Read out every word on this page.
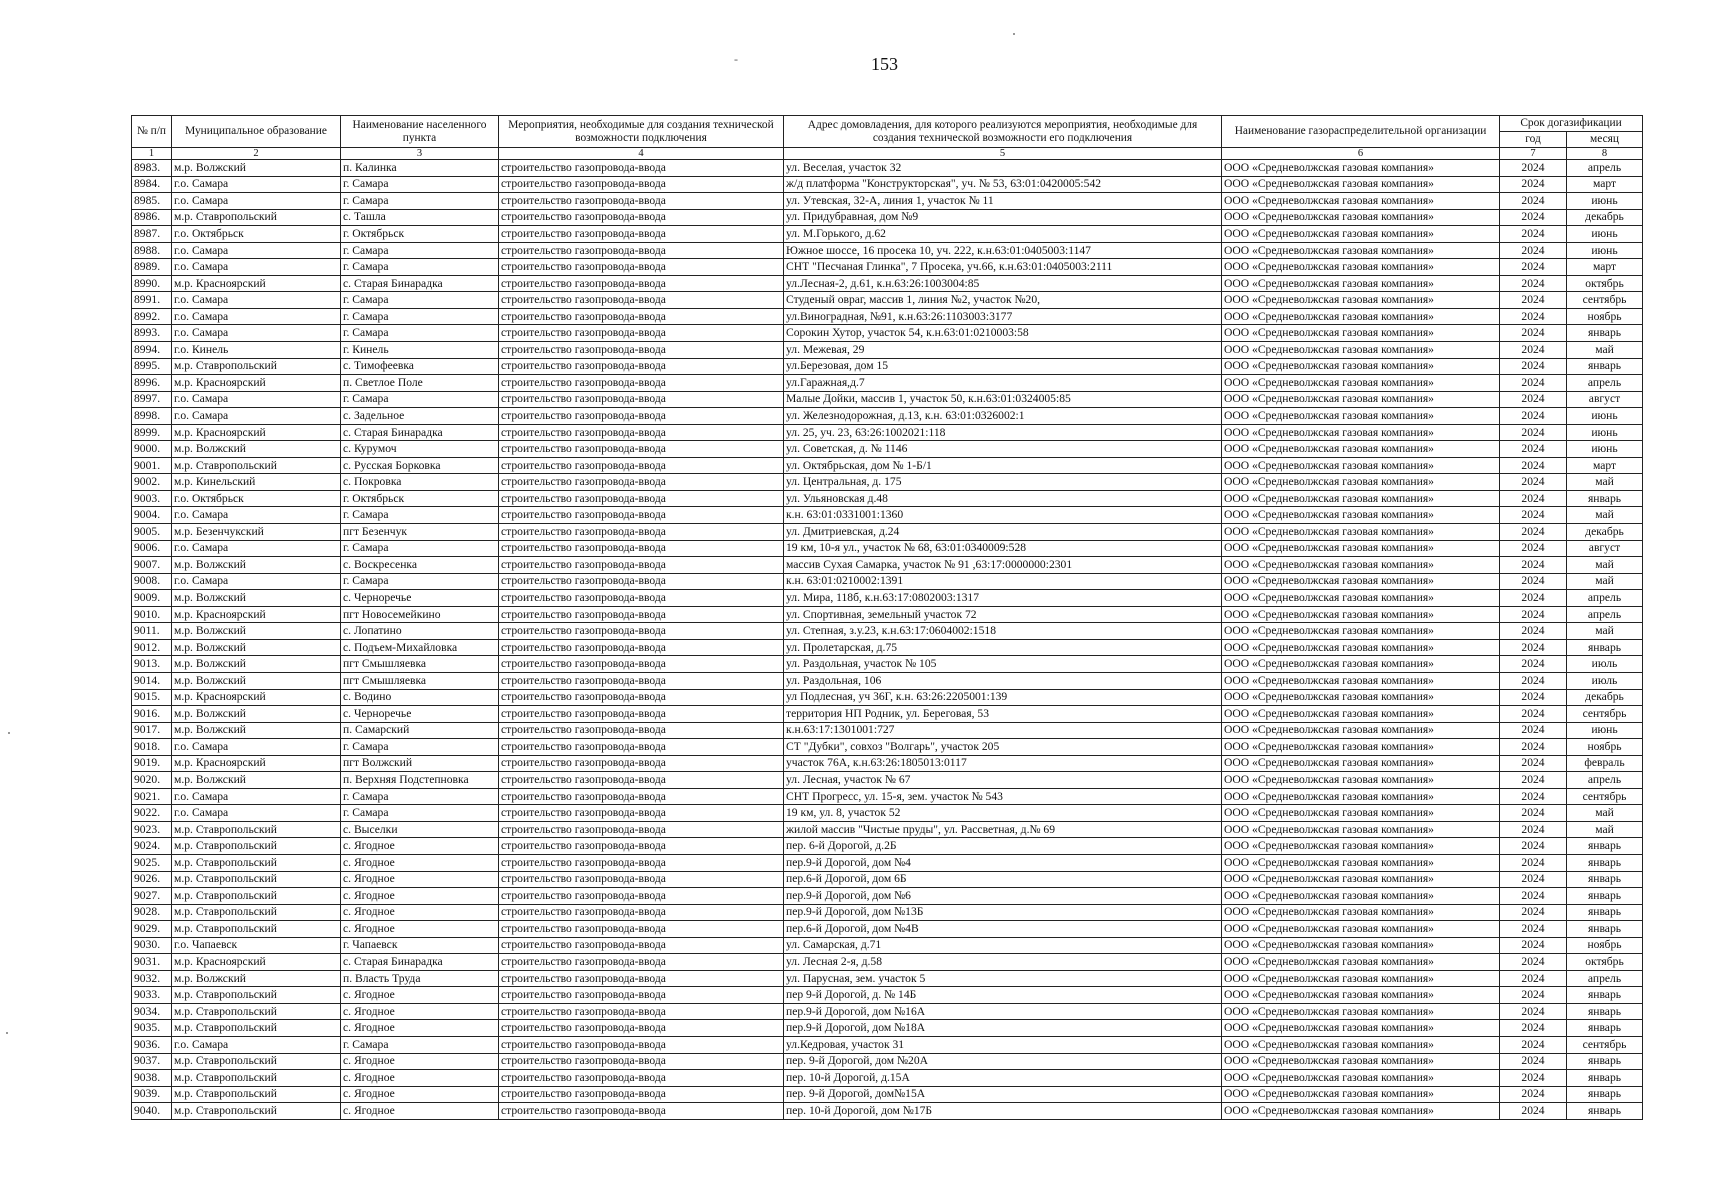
-	153
№ п/п	Муниципальное образование	Наименование населенного пункта	Мероприятия, необходимые для создания технической возможности подключения	Адрес домовладения, для которого реализуются мероприятия, необходимые для создания технической возможности его подключения	Наименование газораспределительной организации	Срок догазификации	
						год	месяц
1	2	3	4	5	6	7	8
8983.	м.р. Волжский	п. Калинка	строительство газопровода-ввода	ул. Веселая, участок 32	ООО «Средневолжская газовая компания»	2024	апрель
8984.	г.о. Самара	г. Самара	строительство газопровода-ввода	ж/д платформа "Конструкторская", уч. № 53, 63:01:0420005:542	ООО «Средневолжская газовая компания»	2024	март
8985.	г.о. Самара	г. Самара	строительство газопровода-ввода	ул. Утевская, 32-А, линия 1, участок № 11	ООО «Средневолжская газовая компания»	2024	июнь
8986.	м.р. Ставропольский	с. Ташла	строительство газопровода-ввода	ул. Придубравная, дом №9	ООО «Средневолжская газовая компания»	2024	декабрь
8987.	г.о. Октябрьск	г. Октябрьск	строительство газопровода-ввода	ул. М.Горького, д.62	ООО «Средневолжская газовая компания»	2024	июнь
8988.	г.о. Самара	г. Самара	строительство газопровода-ввода	Южное шоссе, 16 просека 10, уч. 222, к.н.63:01:0405003:1147	ООО «Средневолжская газовая компания»	2024	июнь
8989.	г.о. Самара	г. Самара	строительство газопровода-ввода	СНТ "Песчаная Глинка", 7 Просека, уч.66, к.н.63:01:0405003:2111	ООО «Средневолжская газовая компания»	2024	март
8990.	м.р. Красноярский	с. Старая Бинарадка	строительство газопровода-ввода	ул.Лесная-2, д.61, к.н.63:26:1003004:85	ООО «Средневолжская газовая компания»	2024	октябрь
8991.	г.о. Самара	г. Самара	строительство газопровода-ввода	Студеный овраг, массив 1, линия №2, участок №20,	ООО «Средневолжская газовая компания»	2024	сентябрь
8992.	г.о. Самара	г. Самара	строительство газопровода-ввода	ул.Виноградная, №91, к.н.63:26:1103003:3177	ООО «Средневолжская газовая компания»	2024	ноябрь
8993.	г.о. Самара	г. Самара	строительство газопровода-ввода	Сорокин Хутор, участок 54, к.н.63:01:0210003:58	ООО «Средневолжская газовая компания»	2024	январь
8994.	г.о. Кинель	г. Кинель	строительство газопровода-ввода	ул. Межевая, 29	ООО «Средневолжская газовая компания»	2024	май
8995.	м.р. Ставропольский	с. Тимофеевка	строительство газопровода-ввода	ул.Березовая, дом 15	ООО «Средневолжская газовая компания»	2024	январь
8996.	м.р. Красноярский	п. Светлое Поле	строительство газопровода-ввода	ул.Гаражная,д.7	ООО «Средневолжская газовая компания»	2024	апрель
8997.	г.о. Самара	г. Самара	строительство газопровода-ввода	Малые Дойки, массив 1, участок 50, к.н.63:01:0324005:85	ООО «Средневолжская газовая компания»	2024	август
8998.	г.о. Самара	с. Задельное	строительство газопровода-ввода	ул. Железнодорожная, д.13, к.н. 63:01:0326002:1	ООО «Средневолжская газовая компания»	2024	июнь
8999.	м.р. Красноярский	с. Старая Бинарадка	строительство газопровода-ввода	ул. 25, уч. 23, 63:26:1002021:118	ООО «Средневолжская газовая компания»	2024	июнь
9000.	м.р. Волжский	с. Курумоч	строительство газопровода-ввода	ул. Советская, д. № 1146	ООО «Средневолжская газовая компания»	2024	июнь
9001.	м.р. Ставропольский	с. Русская Борковка	строительство газопровода-ввода	ул. Октябрьская, дом № 1-Б/1	ООО «Средневолжская газовая компания»	2024	март
9002.	м.р. Кинельский	с. Покровка	строительство газопровода-ввода	ул. Центральная, д. 175	ООО «Средневолжская газовая компания»	2024	май
9003.	г.о. Октябрьск	г. Октябрьск	строительство газопровода-ввода	ул. Ульяновская д.48	ООО «Средневолжская газовая компания»	2024	январь
9004.	г.о. Самара	г. Самара	строительство газопровода-ввода	к.н. 63:01:0331001:1360	ООО «Средневолжская газовая компания»	2024	май
9005.	м.р. Безенчукский	пгт Безенчук	строительство газопровода-ввода	ул. Дмитриевская, д.24	ООО «Средневолжская газовая компания»	2024	декабрь
9006.	г.о. Самара	г. Самара	строительство газопровода-ввода	19 км, 10-я ул., участок № 68, 63:01:0340009:528	ООО «Средневолжская газовая компания»	2024	август
9007.	м.р. Волжский	с. Воскресенка	строительство газопровода-ввода	массив Сухая Самарка, участок № 91 ,63:17:0000000:2301	ООО «Средневолжская газовая компания»	2024	май
9008.	г.о. Самара	г. Самара	строительство газопровода-ввода	к.н. 63:01:0210002:1391	ООО «Средневолжская газовая компания»	2024	май
9009.	м.р. Волжский	с. Черноречье	строительство газопровода-ввода	ул. Мира, 118б, к.н.63:17:0802003:1317	ООО «Средневолжская газовая компания»	2024	апрель
9010.	м.р. Красноярский	пгт Новосемейкино	строительство газопровода-ввода	ул. Спортивная, земельный участок 72	ООО «Средневолжская газовая компания»	2024	апрель
9011.	м.р. Волжский	с. Лопатино	строительство газопровода-ввода	ул. Степная, з.у.23, к.н.63:17:0604002:1518	ООО «Средневолжская газовая компания»	2024	май
9012.	м.р. Волжский	с. Подъем-Михайловка	строительство газопровода-ввода	ул. Пролетарская, д.75	ООО «Средневолжская газовая компания»	2024	январь
9013.	м.р. Волжский	пгт Смышляевка	строительство газопровода-ввода	ул. Раздольная, участок № 105	ООО «Средневолжская газовая компания»	2024	июль
9014.	м.р. Волжский	пгт Смышляевка	строительство газопровода-ввода	ул. Раздольная, 106	ООО «Средневолжская газовая компания»	2024	июль
9015.	м.р. Красноярский	с. Водино	строительство газопровода-ввода	ул Подлесная, уч 36Г, к.н. 63:26:2205001:139	ООО «Средневолжская газовая компания»	2024	декабрь
9016.	м.р. Волжский	с. Черноречье	строительство газопровода-ввода	территория НП Родник, ул. Береговая, 53	ООО «Средневолжская газовая компания»	2024	сентябрь
9017.	м.р. Волжский	п. Самарский	строительство газопровода-ввода	к.н.63:17:1301001:727	ООО «Средневолжская газовая компания»	2024	июнь
9018.	г.о. Самара	г. Самара	строительство газопровода-ввода	СТ "Дубки", совхоз "Волгарь", участок 205	ООО «Средневолжская газовая компания»	2024	ноябрь
9019.	м.р. Красноярский	пгт Волжский	строительство газопровода-ввода	участок 76А, к.н.63:26:1805013:0117	ООО «Средневолжская газовая компания»	2024	февраль
9020.	м.р. Волжский	п. Верхняя Подстепновка	строительство газопровода-ввода	ул. Лесная, участок № 67	ООО «Средневолжская газовая компания»	2024	апрель
9021.	г.о. Самара	г. Самара	строительство газопровода-ввода	СНТ Прогресс, ул. 15-я, зем. участок № 543	ООО «Средневолжская газовая компания»	2024	сентябрь
9022.	г.о. Самара	г. Самара	строительство газопровода-ввода	19 км, ул. 8, участок 52	ООО «Средневолжская газовая компания»	2024	май
9023.	м.р. Ставропольский	с. Выселки	строительство газопровода-ввода	жилой массив "Чистые пруды", ул. Рассветная, д.№ 69	ООО «Средневолжская газовая компания»	2024	май
9024.	м.р. Ставропольский	с. Ягодное	строительство газопровода-ввода	пер. 6-й Дорогой, д.2Б	ООО «Средневолжская газовая компания»	2024	январь
9025.	м.р. Ставропольский	с. Ягодное	строительство газопровода-ввода	пер.9-й Дорогой, дом №4	ООО «Средневолжская газовая компания»	2024	январь
9026.	м.р. Ставропольский	с. Ягодное	строительство газопровода-ввода	пер.6-й Дорогой, дом 6Б	ООО «Средневолжская газовая компания»	2024	январь
9027.	м.р. Ставропольский	с. Ягодное	строительство газопровода-ввода	пер.9-й Дорогой, дом №6	ООО «Средневолжская газовая компания»	2024	январь
9028.	м.р. Ставропольский	с. Ягодное	строительство газопровода-ввода	пер.9-й Дорогой, дом №13Б	ООО «Средневолжская газовая компания»	2024	январь
9029.	м.р. Ставропольский	с. Ягодное	строительство газопровода-ввода	пер.6-й Дорогой, дом №4В	ООО «Средневолжская газовая компания»	2024	январь
9030.	г.о. Чапаевск	г. Чапаевск	строительство газопровода-ввода	ул. Самарская, д.71	ООО «Средневолжская газовая компания»	2024	ноябрь
9031.	м.р. Красноярский	с. Старая Бинарадка	строительство газопровода-ввода	ул. Лесная 2-я, д.58	ООО «Средневолжская газовая компания»	2024	октябрь
9032.	м.р. Волжский	п. Власть Труда	строительство газопровода-ввода	ул. Парусная, зем. участок 5	ООО «Средневолжская газовая компания»	2024	апрель
9033.	м.р. Ставропольский	с. Ягодное	строительство газопровода-ввода	пер 9-й Дорогой, д. № 14Б	ООО «Средневолжская газовая компания»	2024	январь
9034.	м.р. Ставропольский	с. Ягодное	строительство газопровода-ввода	пер.9-й Дорогой, дом №16А	ООО «Средневолжская газовая компания»	2024	январь
9035.	м.р. Ставропольский	с. Ягодное	строительство газопровода-ввода	пер.9-й Дорогой, дом №18А	ООО «Средневолжская газовая компания»	2024	январь
9036.	г.о. Самара	г. Самара	строительство газопровода-ввода	ул.Кедровая, участок 31	ООО «Средневолжская газовая компания»	2024	сентябрь
9037.	м.р. Ставропольский	с. Ягодное	строительство газопровода-ввода	пер. 9-й Дорогой, дом №20А	ООО «Средневолжская газовая компания»	2024	январь
9038.	м.р. Ставропольский	с. Ягодное	строительство газопровода-ввода	пер. 10-й Дорогой, д.15А	ООО «Средневолжская газовая компания»	2024	январь
9039.	м.р. Ставропольский	с. Ягодное	строительство газопровода-ввода	пер. 9-й Дорогой, дом№15А	ООО «Средневолжская газовая компания»	2024	январь
9040.	м.р. Ставропольский	с. Ягодное	строительство газопровода-ввода	пер. 10-й Дорогой, дом №17Б	ООО «Средневолжская газовая компания»	2024	январь
